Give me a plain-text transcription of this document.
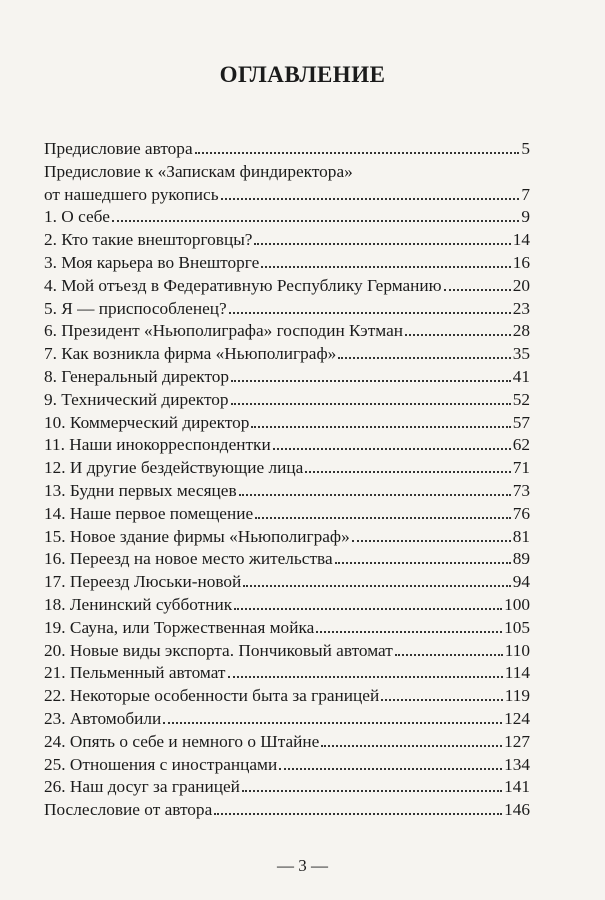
ОГЛАВЛЕНИЕ
Предисловие автора	5
Предисловие к «Запискам финдиректора»
от нашедшего рукопись	7
1. О себе	9
2. Кто такие внешторговцы?	14
3. Моя карьера во Внешторге	16
4. Мой отъезд в Федеративную Республику Германию	20
5. Я — приспособленец?	23
6. Президент «Ньюполиграфа» господин Кэтман	28
7. Как возникла фирма «Ньюполиграф»	35
8. Генеральный директор	41
9. Технический директор	52
10. Коммерческий директор	57
11. Наши инокорреспондентки	62
12. И другие бездействующие лица	71
13. Будни первых месяцев	73
14. Наше первое помещение	76
15. Новое здание фирмы «Ньюполиграф»	81
16. Переезд на новое место жительства	89
17. Переезд Люськи-новой	94
18. Ленинский субботник	100
19. Сауна, или Торжественная мойка	105
20. Новые виды экспорта. Пончиковый автомат	110
21. Пельменный автомат	114
22. Некоторые особенности быта за границей	119
23. Автомобили	124
24. Опять о себе и немного о Штайне	127
25. Отношения с иностранцами	134
26. Наш досуг за границей	141
Послесловие от автора	146
— 3 —
